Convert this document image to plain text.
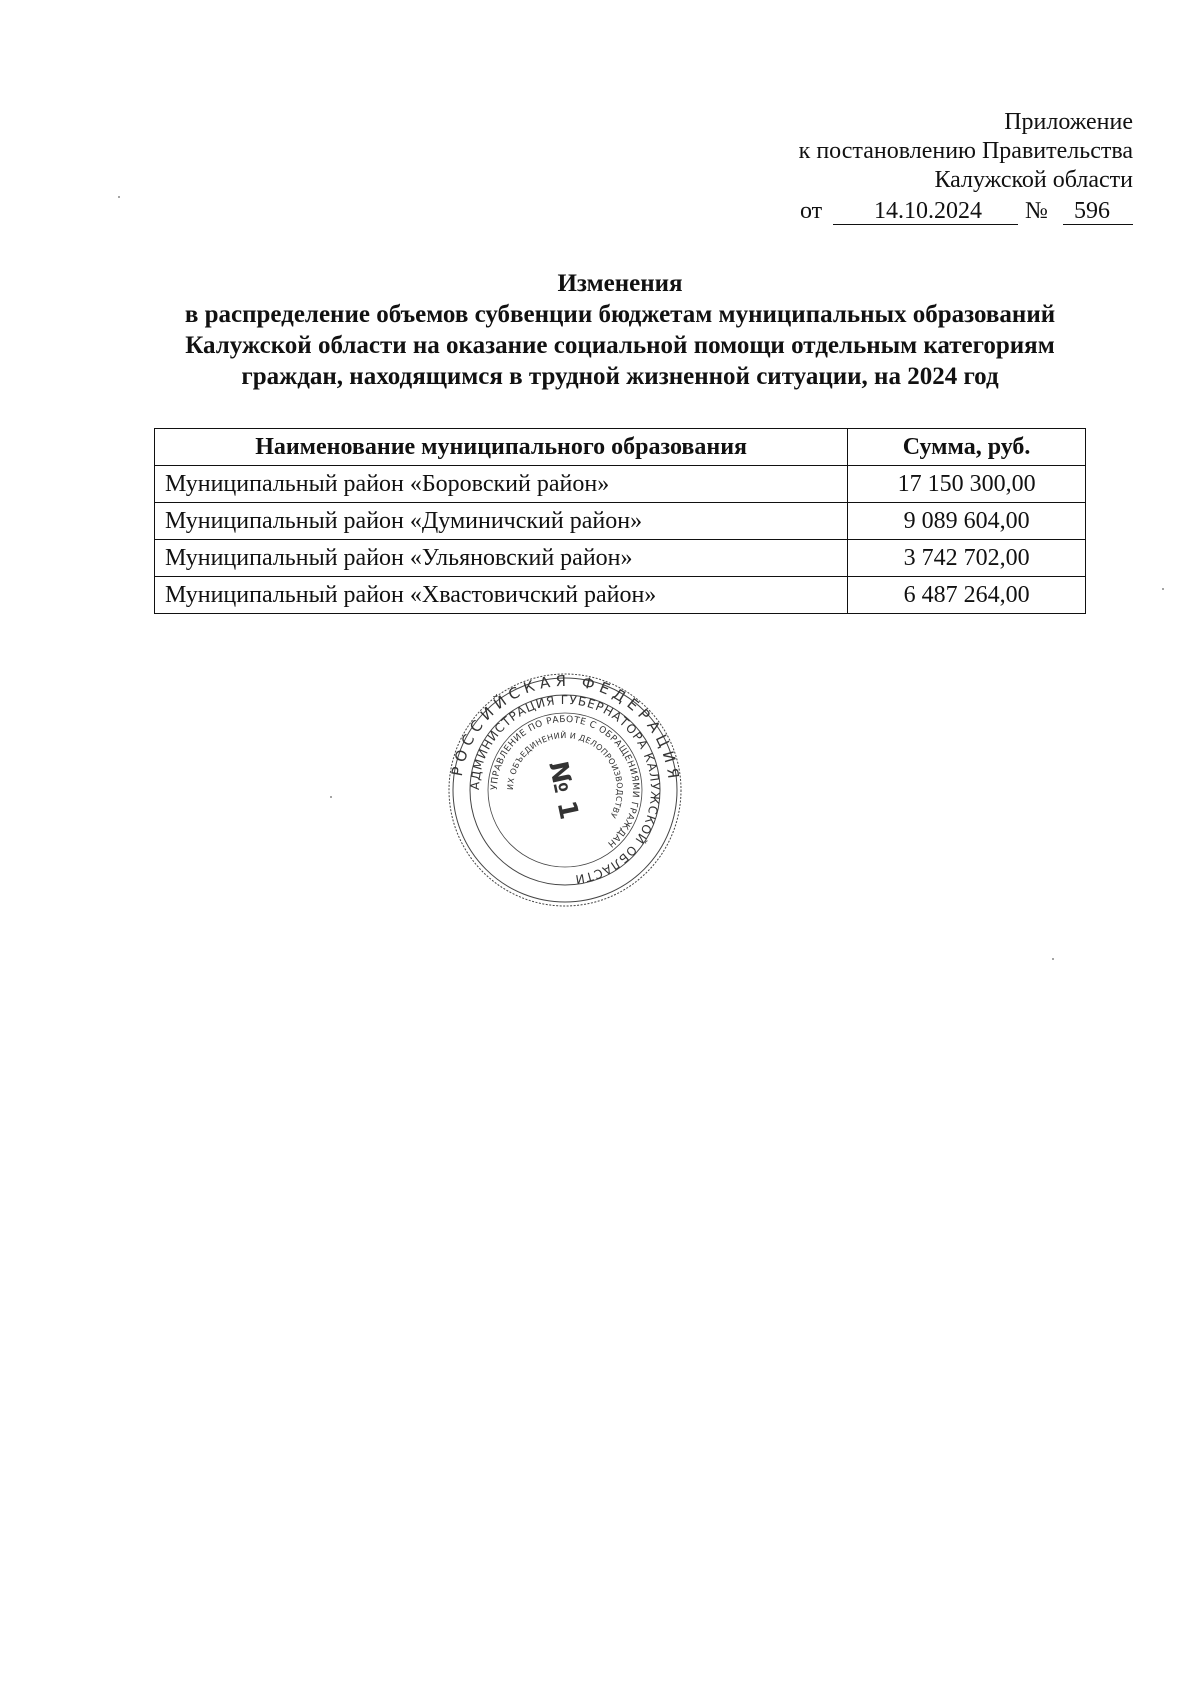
Приложение
к постановлению Правительства
Калужской области
от	14.10.2024	№	596
Изменения
в распределение объемов субвенции бюджетам муниципальных образований
Калужской области на оказание социальной помощи отдельным категориям
граждан, находящимся в трудной жизненной ситуации, на 2024 год
Наименование муниципального образования	Сумма, руб.
Муниципальный район «Боровский район»	17 150 300,00
Муниципальный район «Думиничский район»	9 089 604,00
Муниципальный район «Ульяновский район»	3 742 702,00
Муниципальный район «Хвастовичский район»	6 487 264,00
РОССИЙСКАЯ ФЕДЕРАЦИЯ
АДМИНИСТРАЦИЯ ГУБЕРНАТОРА КАЛУЖСКОЙ ОБЛАСТИ
УПРАВЛЕНИЕ ПО РАБОТЕ С ОБРАЩЕНИЯМИ ГРАЖДАН
ИХ ОБЪЕДИНЕНИЙ И ДЕЛОПРОИЗВОДСТВУ
№ 1
